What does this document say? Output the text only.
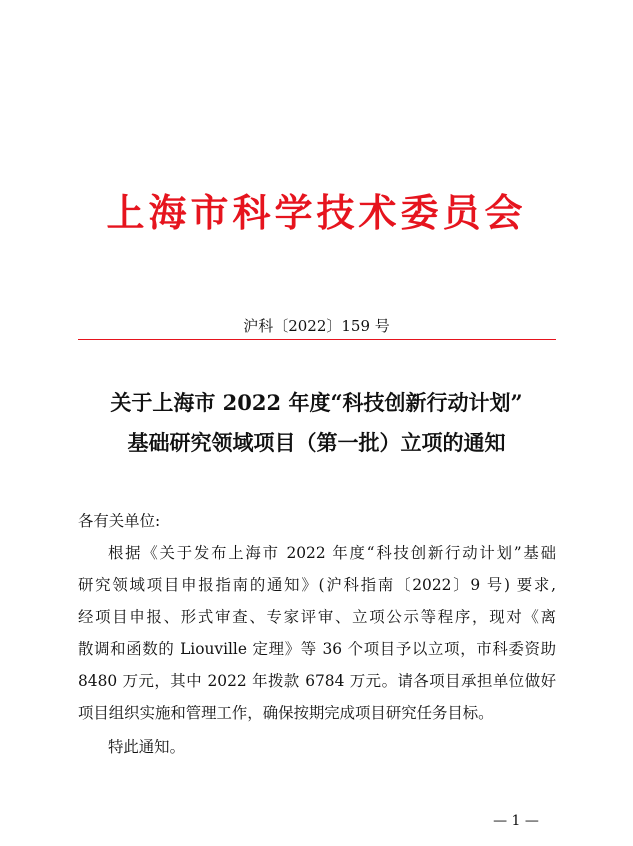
上海市科学技术委员会
沪科〔2022〕159 号
关于上海市 2022 年度“科技创新行动计划”
基础研究领域项目（第一批）立项的通知
各有关单位:
根据《关于发布上海市 2022 年度“科技创新行动计划”基础
研究领域项目申报指南的通知》(沪科指南〔2022〕9 号) 要求,
经项目申报、形式审查、专家评审、立项公示等程序，现对《离
散调和函数的 Liouville 定理》等 36 个项目予以立项，市科委资助
8480 万元，其中 2022 年拨款 6784 万元。请各项目承担单位做好
项目组织实施和管理工作，确保按期完成项目研究任务目标。
特此通知。
— 1 —
